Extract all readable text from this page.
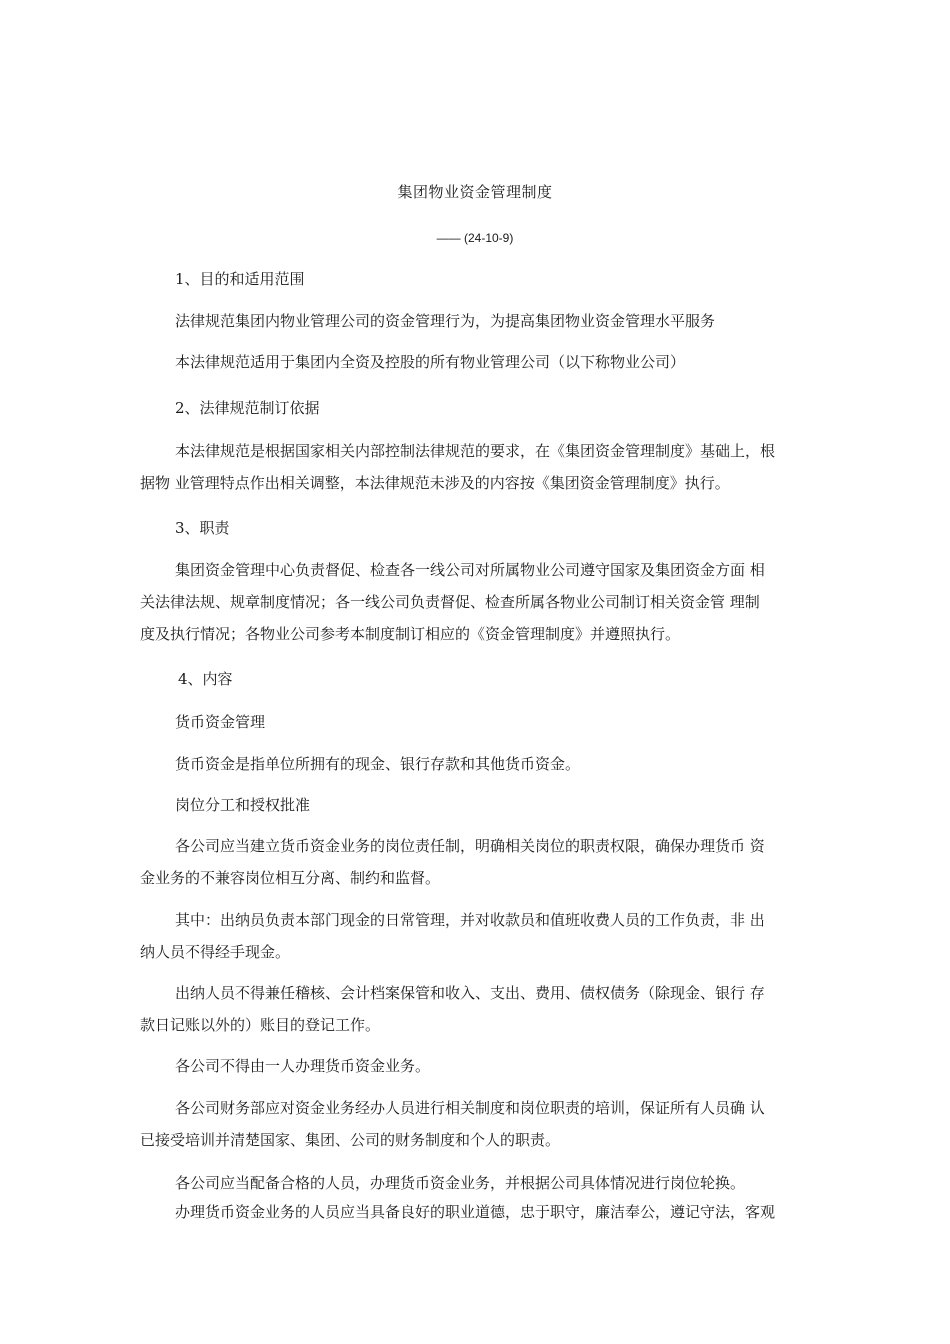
集团物业资金管理制度
—— (24-10-9)

1、目的和适用范围

法律规范集团内物业管理公司的资金管理行为，为提高集团物业资金管理水平服务

本法律规范适用于集团内全资及控股的所有物业管理公司（以下称物业公司）

2、法律规范制订依据

本法律规范是根据国家相关内部控制法律规范的要求，在《集团资金管理制度》基础上，根
据物 业管理特点作出相关调整，本法律规范未涉及的内容按《集团资金管理制度》执行。

3、职责

集团资金管理中心负责督促、检查各一线公司对所属物业公司遵守国家及集团资金方面 相
关法律法规、规章制度情况；各一线公司负责督促、检查所属各物业公司制订相关资金管 理制
度及执行情况；各物业公司参考本制度制订相应的《资金管理制度》并遵照执行。

4、内容

货币资金管理

货币资金是指单位所拥有的现金、银行存款和其他货币资金。

岗位分工和授权批准

各公司应当建立货币资金业务的岗位责任制，明确相关岗位的职责权限，确保办理货币 资
金业务的不兼容岗位相互分离、制约和监督。
其中：出纳员负责本部门现金的日常管理，并对收款员和值班收费人员的工作负责，非 出
纳人员不得经手现金。
出纳人员不得兼任稽核、会计档案保管和收入、支出、费用、债权债务（除现金、银行 存
款日记账以外的）账目的登记工作。

各公司不得由一人办理货币资金业务。

各公司财务部应对资金业务经办人员进行相关制度和岗位职责的培训，保证所有人员确 认
已接受培训并清楚国家、集团、公司的财务制度和个人的职责。

各公司应当配备合格的人员，办理货币资金业务，并根据公司具体情况进行岗位轮换。

办理货币资金业务的人员应当具备良好的职业道德，忠于职守，廉洁奉公，遵记守法，客观
